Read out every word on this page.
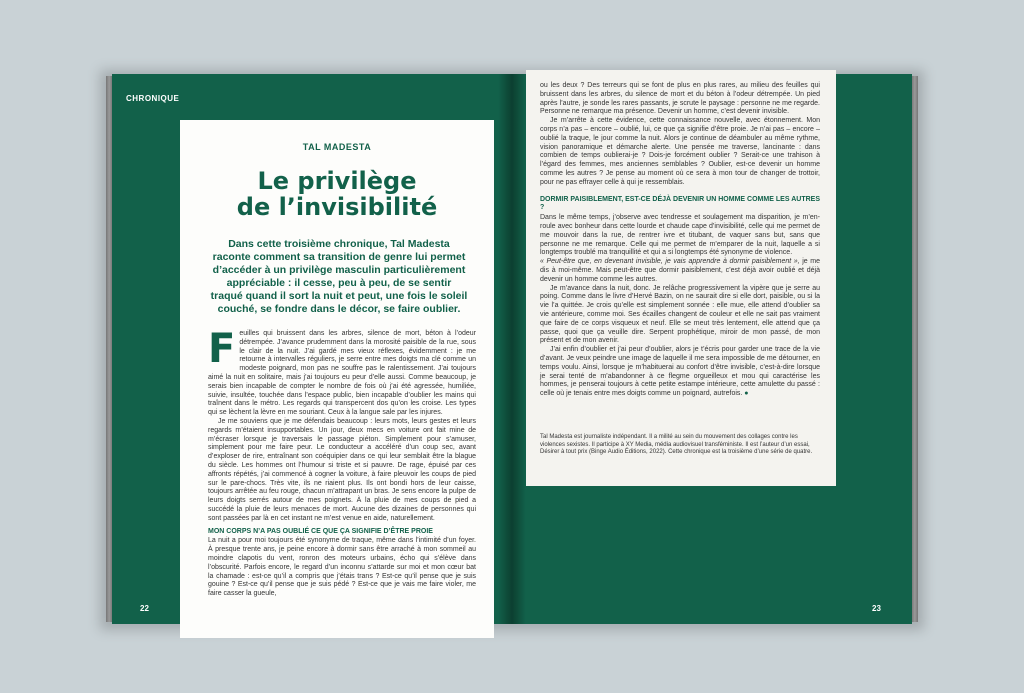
CHRONIQUE
22	23
TAL MADESTA
Le privilège
de l’invisibilité
Dans cette troisième chronique, Tal Madesta raconte comment sa transition de genre lui permet d’accéder à un privilège masculin particulièrement appréciable : il cesse, peu à peu, de se sentir traqué quand il sort la nuit et peut, une fois le soleil couché, se fondre dans le décor, se faire oublier.
F euilles qui bruissent dans les arbres, silence de mort, béton à l’odeur détrempée. J’avance prudemment dans la morosité paisible de la rue, sous le clair de la nuit. J’ai gardé mes vieux réflexes, évidemment : je me retourne à intervalles réguliers, je serre entre mes doigts ma clé comme un modeste poignard, mon pas ne souffre pas le ralentissement. J’ai toujours aimé la nuit en solitaire, mais j’ai toujours eu peur d’elle aussi. Comme beaucoup, je serais bien incapable de compter le nombre de fois où j’ai été agressée, humiliée, suivie, insultée, touchée dans l’espace public, bien incapable d’oublier les mains qui traînent dans le métro. Les regards qui transpercent dos qu’on les croise. Les types qui se lèchent la lèvre en me souriant. Ceux à la langue sale par les injures.

Je me souviens que je me défendais beaucoup : leurs mots, leurs gestes et leurs regards m’étaient insupportables. Un jour, deux mecs en voiture ont fait mine de m’écraser lorsque je traversais le passage piéton. Simplement pour s’amuser, simplement pour me faire peur. Le conducteur a accéléré d’un coup sec, avant d’exploser de rire, entraînant son coéquipier dans ce qui leur semblait être la blague du siècle. Les hommes ont l’humour si triste et si pauvre. De rage, épuisé par ces affronts répétés, j’ai commencé à cogner la voiture, à faire pleuvoir les coups de pied sur le pare-chocs. Très vite, ils ne riaient plus. Ils ont bondi hors de leur caisse, toujours arrêtée au feu rouge, chacun m’attrapant un bras. Je sens encore la pulpe de leurs doigts serrés autour de mes poignets. À la pluie de mes coups de pied a succédé la pluie de leurs menaces de mort. Aucune des dizaines de personnes qui sont passées par là en cet instant ne m’est venue en aide, naturellement.

MON CORPS N’A PAS OUBLIÉ CE QUE ÇA SIGNIFIE D’ÊTRE PROIE

La nuit a pour moi toujours été synonyme de traque, même dans l’intimité d’un foyer. À presque trente ans, je peine encore à dormir sans être arraché à mon sommeil au moindre clapotis du vent, ronron des moteurs urbains, écho qui s’élève dans l’obscurité. Parfois encore, le regard d’un inconnu s’attarde sur moi et mon cœur bat la chamade : est-ce qu’il a compris que j’étais trans ? Est-ce qu’il pense que je suis gouine ? Est-ce qu’il pense que je suis pédé ? Est-ce que je vais me faire violer, me faire casser la gueule,

ou les deux ? Des terreurs qui se font de plus en plus rares, au milieu des feuilles qui bruissent dans les arbres, du silence de mort et du béton à l’odeur détrempée. Un pied après l’autre, je sonde les rares passants, je scrute le paysage : personne ne me regarde. Personne ne remarque ma présence. Devenir un homme, c’est devenir invisible.

Je m’arrête à cette évidence, cette connaissance nouvelle, avec étonnement. Mon corps n’a pas – encore – oublié, lui, ce que ça signifie d’être proie. Je n’ai pas – encore – oublié la traque, le jour comme la nuit. Alors je continue de déambuler au même rythme, vision panoramique et démarche alerte. Une pensée me traverse, lancinante : dans combien de temps oublierai-je ? Dois-je forcément oublier ? Serait-ce une trahison à l’égard des femmes, mes anciennes semblables ? Oublier, est-ce devenir un homme comme les autres ? Je pense au moment où ce sera à mon tour de changer de trottoir, pour ne pas effrayer celle à qui je ressemblais.

DORMIR PAISIBLEMENT, EST-CE DÉJÀ DEVENIR UN HOMME COMME LES AUTRES ?

Dans le même temps, j’observe avec tendresse et soulagement ma disparition, je m’en-roule avec bonheur dans cette lourde et chaude cape d’invisibilité, celle qui me permet de me mouvoir dans la rue, de rentrer ivre et titubant, de vaquer sans but, sans que personne ne me remarque. Celle qui me permet de m’emparer de la nuit, laquelle a si longtemps troublé ma tranquillité et qui a si longtemps été synonyme de violence.

« Peut-être que, en devenant invisible, je vais apprendre à dormir paisiblement », je me dis à moi-même. Mais peut-être que dormir paisiblement, c’est déjà avoir oublié et déjà devenir un homme comme les autres.

Je m’avance dans la nuit, donc. Je relâche progressivement la vipère que je serre au poing. Comme dans le livre d’Hervé Bazin, on ne saurait dire si elle dort, paisible, ou si la vie l’a quittée. Je crois qu’elle est simplement sonnée : elle mue, elle attend d’oublier sa vie antérieure, comme moi. Ses écailles changent de couleur et elle ne sait pas vraiment que faire de ce corps visqueux et neuf. Elle se meut très lentement, elle attend que ça passe, quoi que ça veuille dire. Serpent prophétique, miroir de mon passé, de mon présent et de mon avenir.

J’ai enfin d’oublier et j’ai peur d’oublier, alors je t’écris pour garder une trace de la vie d’avant. Je veux peindre une image de laquelle il me sera impossible de me détourner, en temps voulu. Ainsi, lorsque je m’habituerai au confort d’être invisible, c’est-à-dire lorsque je serai tenté de m’abandonner à ce flegme orgueilleux et mou qui caractérise les hommes, je penserai toujours à cette petite estampe intérieure, cette amulette du passé : celle où je tenais entre mes doigts comme un poignard, autrefois. ●

Tal Madesta est journaliste indépendant. Il a milité au sein du mouvement des collages contre les violences sexistes. Il participe à XY Media, média audiovisuel transféministe. Il est l’auteur d’un essai, Désirer à tout prix (Binge Audio Éditions, 2022). Cette chronique est la troisième d’une série de quatre.
